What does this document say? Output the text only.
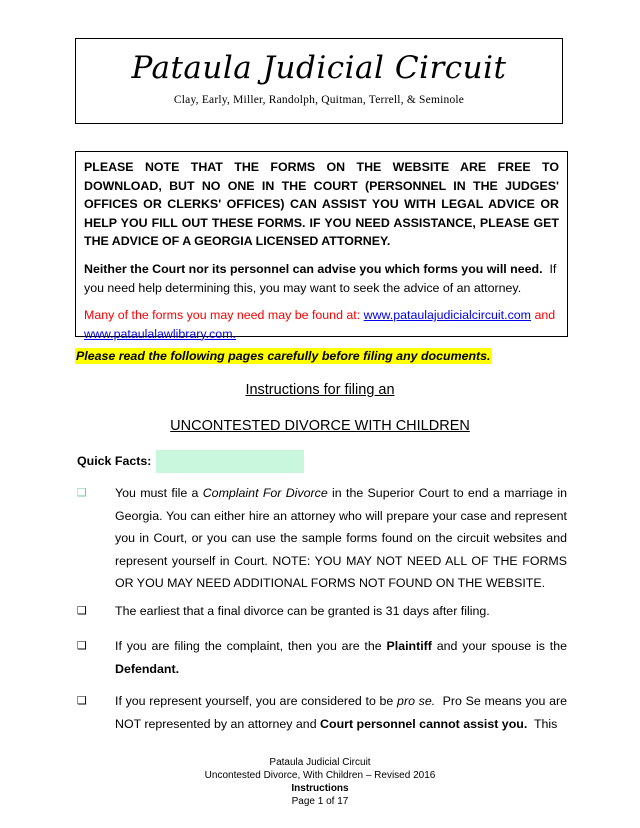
Pataula Judicial Circuit
Clay, Early, Miller, Randolph, Quitman, Terrell, & Seminole

PLEASE NOTE THAT THE FORMS ON THE WEBSITE ARE FREE TO DOWNLOAD, BUT NO ONE IN THE COURT (PERSONNEL IN THE JUDGES' OFFICES OR CLERKS' OFFICES) CAN ASSIST YOU WITH LEGAL ADVICE OR HELP YOU FILL OUT THESE FORMS. IF YOU NEED ASSISTANCE, PLEASE GET THE ADVICE OF A GEORGIA LICENSED ATTORNEY.

Neither the Court nor its personnel can advise you which forms you will need. If you need help determining this, you may want to seek the advice of an attorney.

Many of the forms you may need may be found at: www.pataulajudicialcircuit.com and www.pataulalawlibrary.com.

Please read the following pages carefully before filing any documents.
Instructions for filing an
UNCONTESTED DIVORCE WITH CHILDREN
Quick Facts:
❑	You must file a Complaint For Divorce in the Superior Court to end a marriage in Georgia. You can either hire an attorney who will prepare your case and represent you in Court, or you can use the sample forms found on the circuit websites and represent yourself in Court. NOTE: YOU MAY NOT NEED ALL OF THE FORMS OR YOU MAY NEED ADDITIONAL FORMS NOT FOUND ON THE WEBSITE.
❑	The earliest that a final divorce can be granted is 31 days after filing.
❑	If you are filing the complaint, then you are the Plaintiff and your spouse is the Defendant.
❑	If you represent yourself, you are considered to be pro se. Pro Se means you are NOT represented by an attorney and Court personnel cannot assist you. This
Pataula Judicial Circuit
Uncontested Divorce, With Children – Revised 2016
Instructions
Page 1 of 17
